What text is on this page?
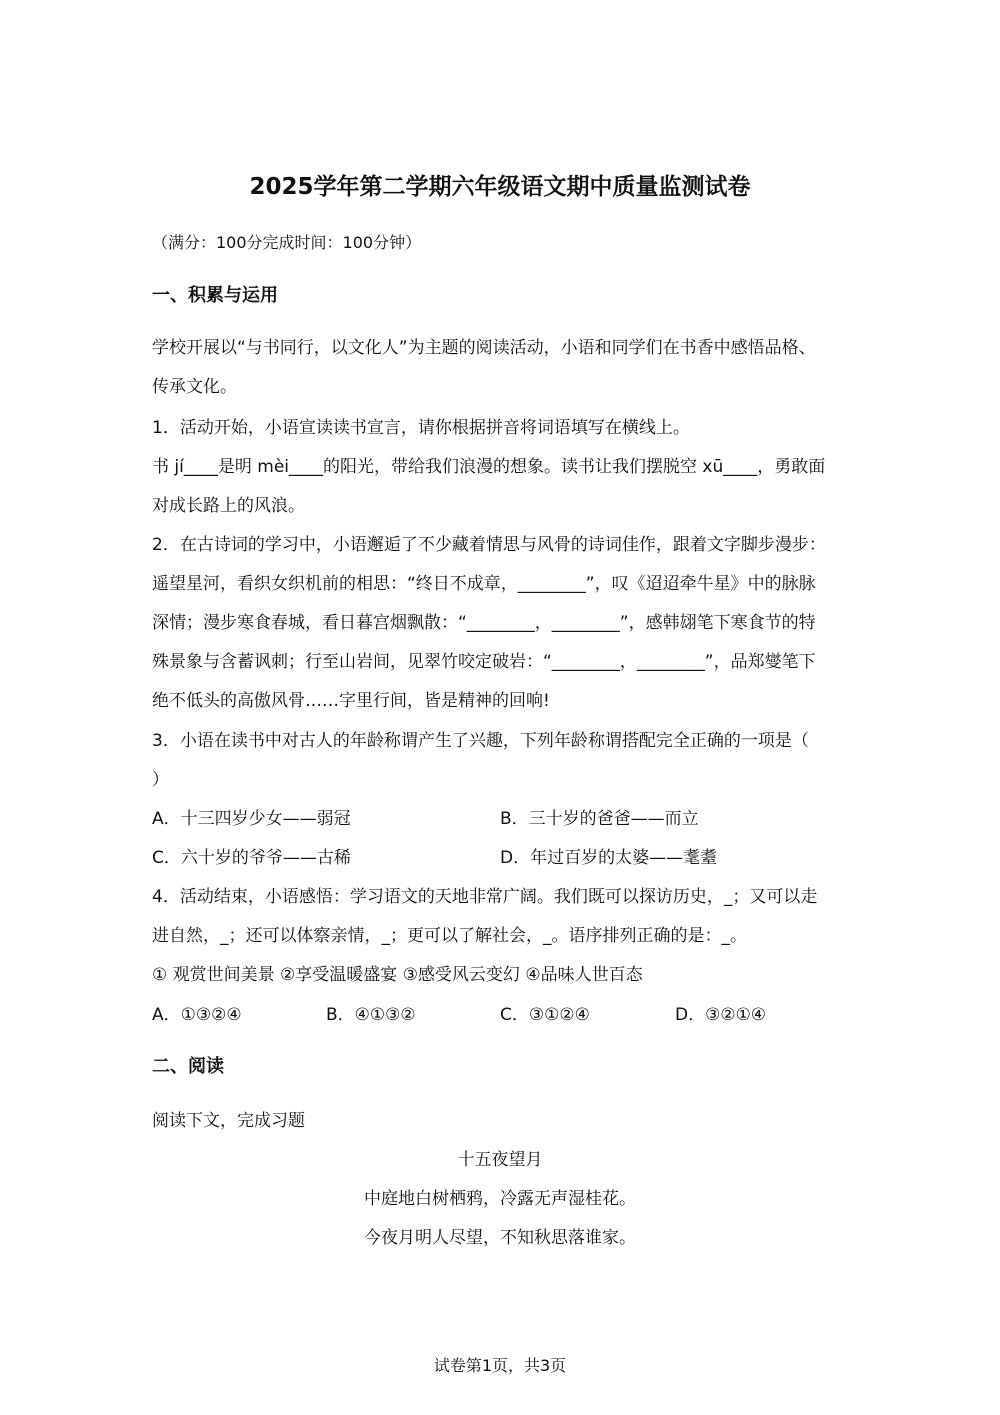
2025学年第二学期六年级语文期中质量监测试卷
（满分：100分完成时间：100分钟）
一、积累与运用
学校开展以“与书同行，以文化人”为主题的阅读活动，小语和同学们在书香中感悟品格、
传承文化。
1．活动开始，小语宣读读书宣言，请你根据拼音将词语填写在横线上。
书 jí____是明 mèi____的阳光，带给我们浪漫的想象。读书让我们摆脱空 xū____，勇敢面
对成长路上的风浪。
2．在古诗词的学习中，小语邂逅了不少藏着情思与风骨的诗词佳作，跟着文字脚步漫步：
遥望星河，看织女织机前的相思：“终日不成章，________”，叹《迢迢牵牛星》中的脉脉
深情；漫步寒食春城，看日暮宫烟飘散：“________，________”，感韩翃笔下寒食节的特
殊景象与含蓄讽刺；行至山岩间，见翠竹咬定破岩：“________，________”，品郑燮笔下
绝不低头的高傲风骨……字里行间，皆是精神的回响!
3．小语在读书中对古人的年龄称谓产生了兴趣，下列年龄称谓搭配完全正确的一项是（
）
A．十三四岁少女——弱冠	B．三十岁的爸爸——而立
C．六十岁的爷爷——古稀	D．年过百岁的太婆——耄耋
4．活动结束，小语感悟：学习语文的天地非常广阔。我们既可以探访历史，_；又可以走
进自然，_；还可以体察亲情，_；更可以了解社会，_。语序排列正确的是：_。
① 观赏世间美景 ②享受温暖盛宴 ③感受风云变幻 ④品味人世百态
A．①③②④	B．④①③②	C．③①②④	D．③②①④
二、阅读
阅读下文，完成习题
十五夜望月
中庭地白树栖鸦，冷露无声湿桂花。
今夜月明人尽望，不知秋思落谁家。
试卷第1页，共3页
